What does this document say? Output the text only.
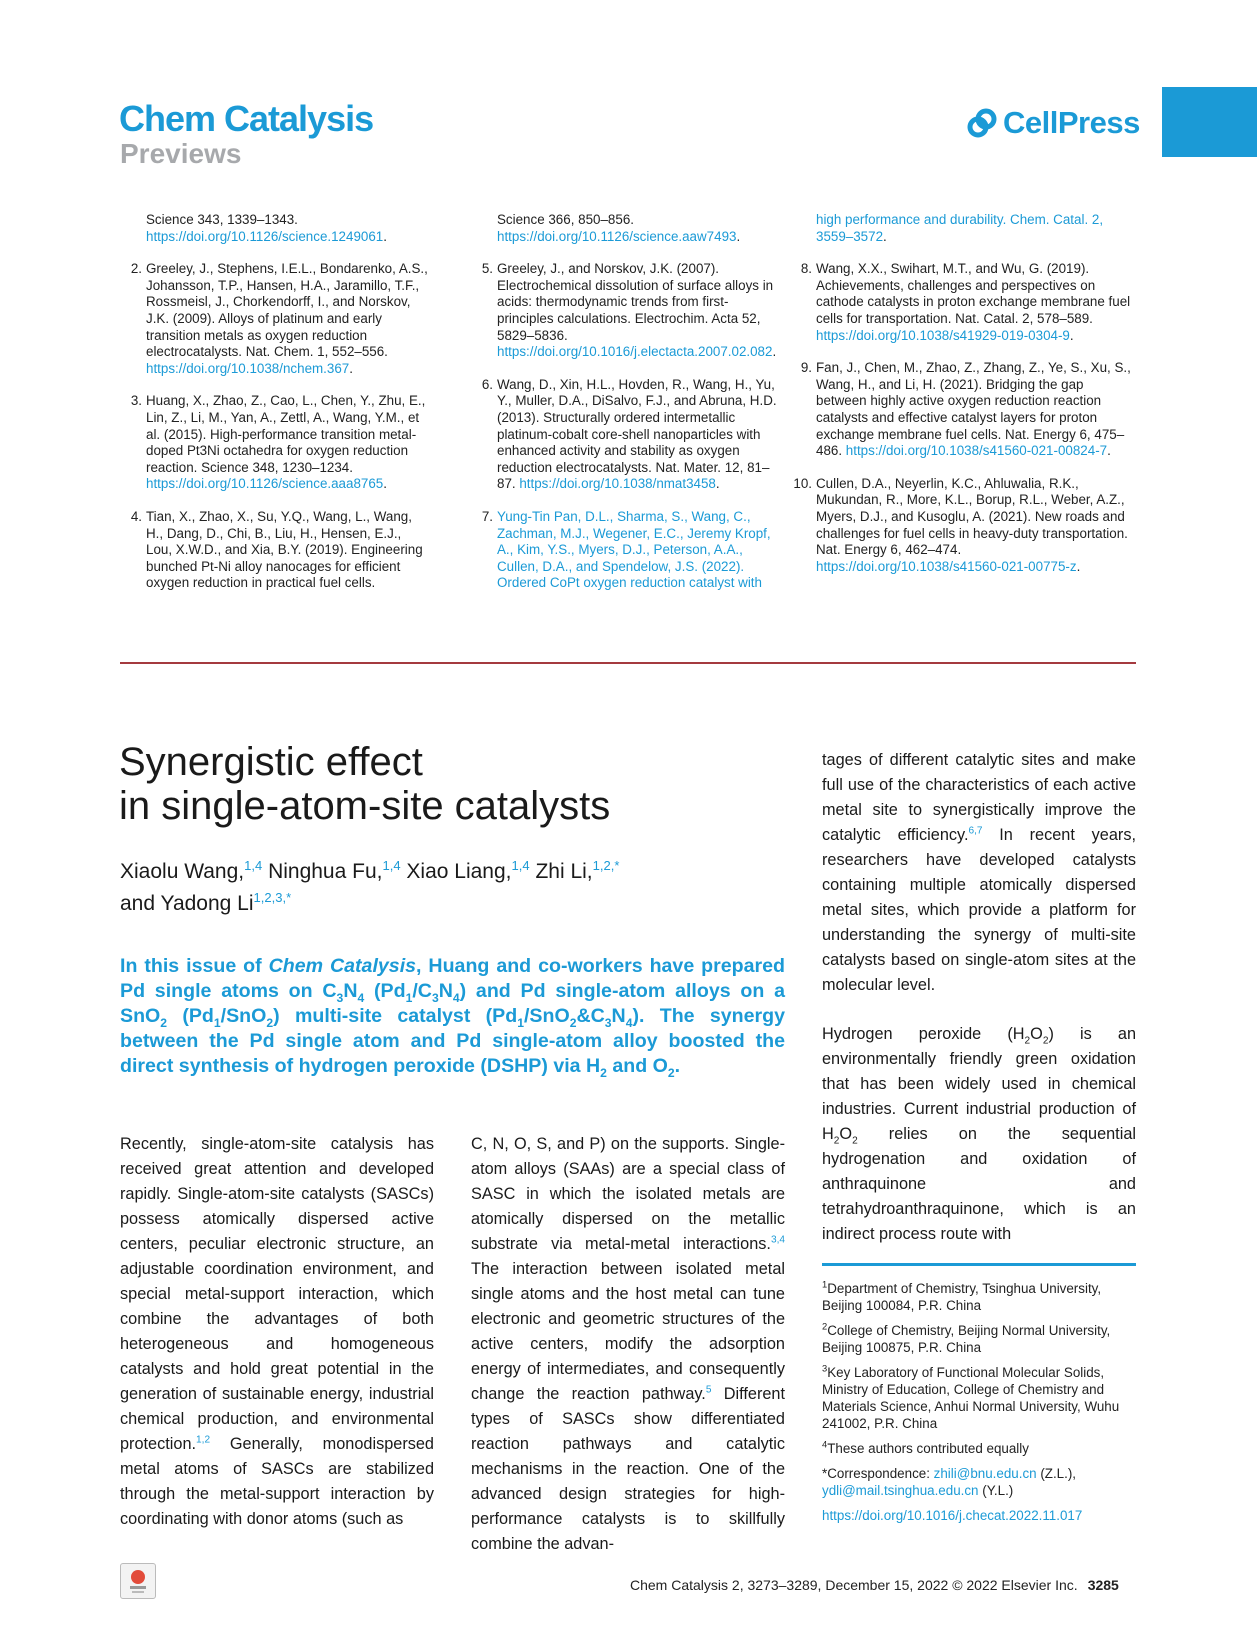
Chem Catalysis
Previews
CellPress
Science 343, 1339–1343. https://doi.org/10.1126/science.1249061.
2. Greeley, J., Stephens, I.E.L., Bondarenko, A.S., Johansson, T.P., Hansen, H.A., Jaramillo, T.F., Rossmeisl, J., Chorkendorff, I., and Norskov, J.K. (2009). Alloys of platinum and early transition metals as oxygen reduction electrocatalysts. Nat. Chem. 1, 552–556. https://doi.org/10.1038/nchem.367.
3. Huang, X., Zhao, Z., Cao, L., Chen, Y., Zhu, E., Lin, Z., Li, M., Yan, A., Zettl, A., Wang, Y.M., et al. (2015). High-performance transition metal-doped Pt3Ni octahedra for oxygen reduction reaction. Science 348, 1230–1234. https://doi.org/10.1126/science.aaa8765.
4. Tian, X., Zhao, X., Su, Y.Q., Wang, L., Wang, H., Dang, D., Chi, B., Liu, H., Hensen, E.J., Lou, X.W.D., and Xia, B.Y. (2019). Engineering bunched Pt-Ni alloy nanocages for efficient oxygen reduction in practical fuel cells.
Science 366, 850–856. https://doi.org/10.1126/science.aaw7493.
5. Greeley, J., and Norskov, J.K. (2007). Electrochemical dissolution of surface alloys in acids: thermodynamic trends from first-principles calculations. Electrochim. Acta 52, 5829–5836. https://doi.org/10.1016/j.electacta.2007.02.082.
6. Wang, D., Xin, H.L., Hovden, R., Wang, H., Yu, Y., Muller, D.A., DiSalvo, F.J., and Abruna, H.D. (2013). Structurally ordered intermetallic platinum-cobalt core-shell nanoparticles with enhanced activity and stability as oxygen reduction electrocatalysts. Nat. Mater. 12, 81–87. https://doi.org/10.1038/nmat3458.
7. Yung-Tin Pan, D.L., Sharma, S., Wang, C., Zachman, M.J., Wegener, E.C., Jeremy Kropf, A., Kim, Y.S., Myers, D.J., Peterson, A.A., Cullen, D.A., and Spendelow, J.S. (2022). Ordered CoPt oxygen reduction catalyst with
high performance and durability. Chem. Catal. 2, 3559–3572.
8. Wang, X.X., Swihart, M.T., and Wu, G. (2019). Achievements, challenges and perspectives on cathode catalysts in proton exchange membrane fuel cells for transportation. Nat. Catal. 2, 578–589. https://doi.org/10.1038/s41929-019-0304-9.
9. Fan, J., Chen, M., Zhao, Z., Zhang, Z., Ye, S., Xu, S., Wang, H., and Li, H. (2021). Bridging the gap between highly active oxygen reduction reaction catalysts and effective catalyst layers for proton exchange membrane fuel cells. Nat. Energy 6, 475–486. https://doi.org/10.1038/s41560-021-00824-7.
10. Cullen, D.A., Neyerlin, K.C., Ahluwalia, R.K., Mukundan, R., More, K.L., Borup, R.L., Weber, A.Z., Myers, D.J., and Kusoglu, A. (2021). New roads and challenges for fuel cells in heavy-duty transportation. Nat. Energy 6, 462–474. https://doi.org/10.1038/s41560-021-00775-z.
Synergistic effect
in single-atom-site catalysts
Xiaolu Wang,$^{1,4}$ Ninghua Fu,$^{1,4}$ Xiao Liang,$^{1,4}$ Zhi Li,$^{1,2,*}$
and Yadong $Li^{1,2,3,*}$
In this issue of Chem Catalysis, Huang and co-workers have prepared Pd single atoms on $C_3N_4$ $(Pd_1/C_3N_4)$ and Pd single-atom alloys on a SnO$_2$ $(Pd_1/SnO_2)$ multi-site catalyst $(Pd_1/SnO_2\&C_3N_4)$. The synergy between the Pd single atom and Pd single-atom alloy boosted the direct synthesis of hydrogen peroxide (DSHP) via $H_2$ and $O_2$.

Recently, single-atom-site catalysis has received great attention and developed rapidly. Single-atom-site catalysts (SASCs) possess atomically dispersed active centers, peculiar electronic structure, an adjustable coordination environment, and special metal-support interaction, which combine the advantages of both heterogeneous and homogeneous catalysts and hold great potential in the generation of sustainable energy, industrial chemical production, and environmental protection.$^{1,2}$ Generally, monodispersed metal atoms of SASCs are stabilized through the metal-support interaction by coordinating with donor atoms (such as

C, N, O, S, and P) on the supports. Single-atom alloys (SAAs) are a special class of SASC in which the isolated metals are atomically dispersed on the metallic substrate via metal-metal interactions.$^{3,4}$ The interaction between isolated metal single atoms and the host metal can tune electronic and geometric structures of the active centers, modify the adsorption energy of intermediates, and consequently change the reaction pathway.$^5$ Different types of SASCs show differentiated reaction pathways and catalytic mechanisms in the reaction. One of the advanced design strategies for high-performance catalysts is to skillfully combine the advan-

tages of different catalytic sites and make full use of the characteristics of each active metal site to synergistically improve the catalytic efficiency.$^{6,7}$ In recent years, researchers have developed catalysts containing multiple atomically dispersed metal sites, which provide a platform for understanding the synergy of multi-site catalysts based on single-atom sites at the molecular level.

Hydrogen peroxide $(H_2O_2)$ is an environmentally friendly green oxidation that has been widely used in chemical industries. Current industrial production of $H_2O_2$ relies on the sequential hydrogenation and oxidation of anthraquinone and tetrahydroanthraquinone, which is an indirect process route with

$^1$Department of Chemistry, Tsinghua University, Beijing 100084, P.R. China

$^2$College of Chemistry, Beijing Normal University, Beijing 100875, P.R. China

$^3$Key Laboratory of Functional Molecular Solids, Ministry of Education, College of Chemistry and Materials Science, Anhui Normal University, Wuhu 241002, P.R. China

$^4$These authors contributed equally

*Correspondence: zhili@bnu.edu.cn (Z.L.),
ydli@mail.tsinghua.edu.cn (Y.L.)

https://doi.org/10.1016/j.checat.2022.11.017

Chem Catalysis 2, 3273–3289, December 15, 2022 © 2022 Elsevier Inc. 3285
